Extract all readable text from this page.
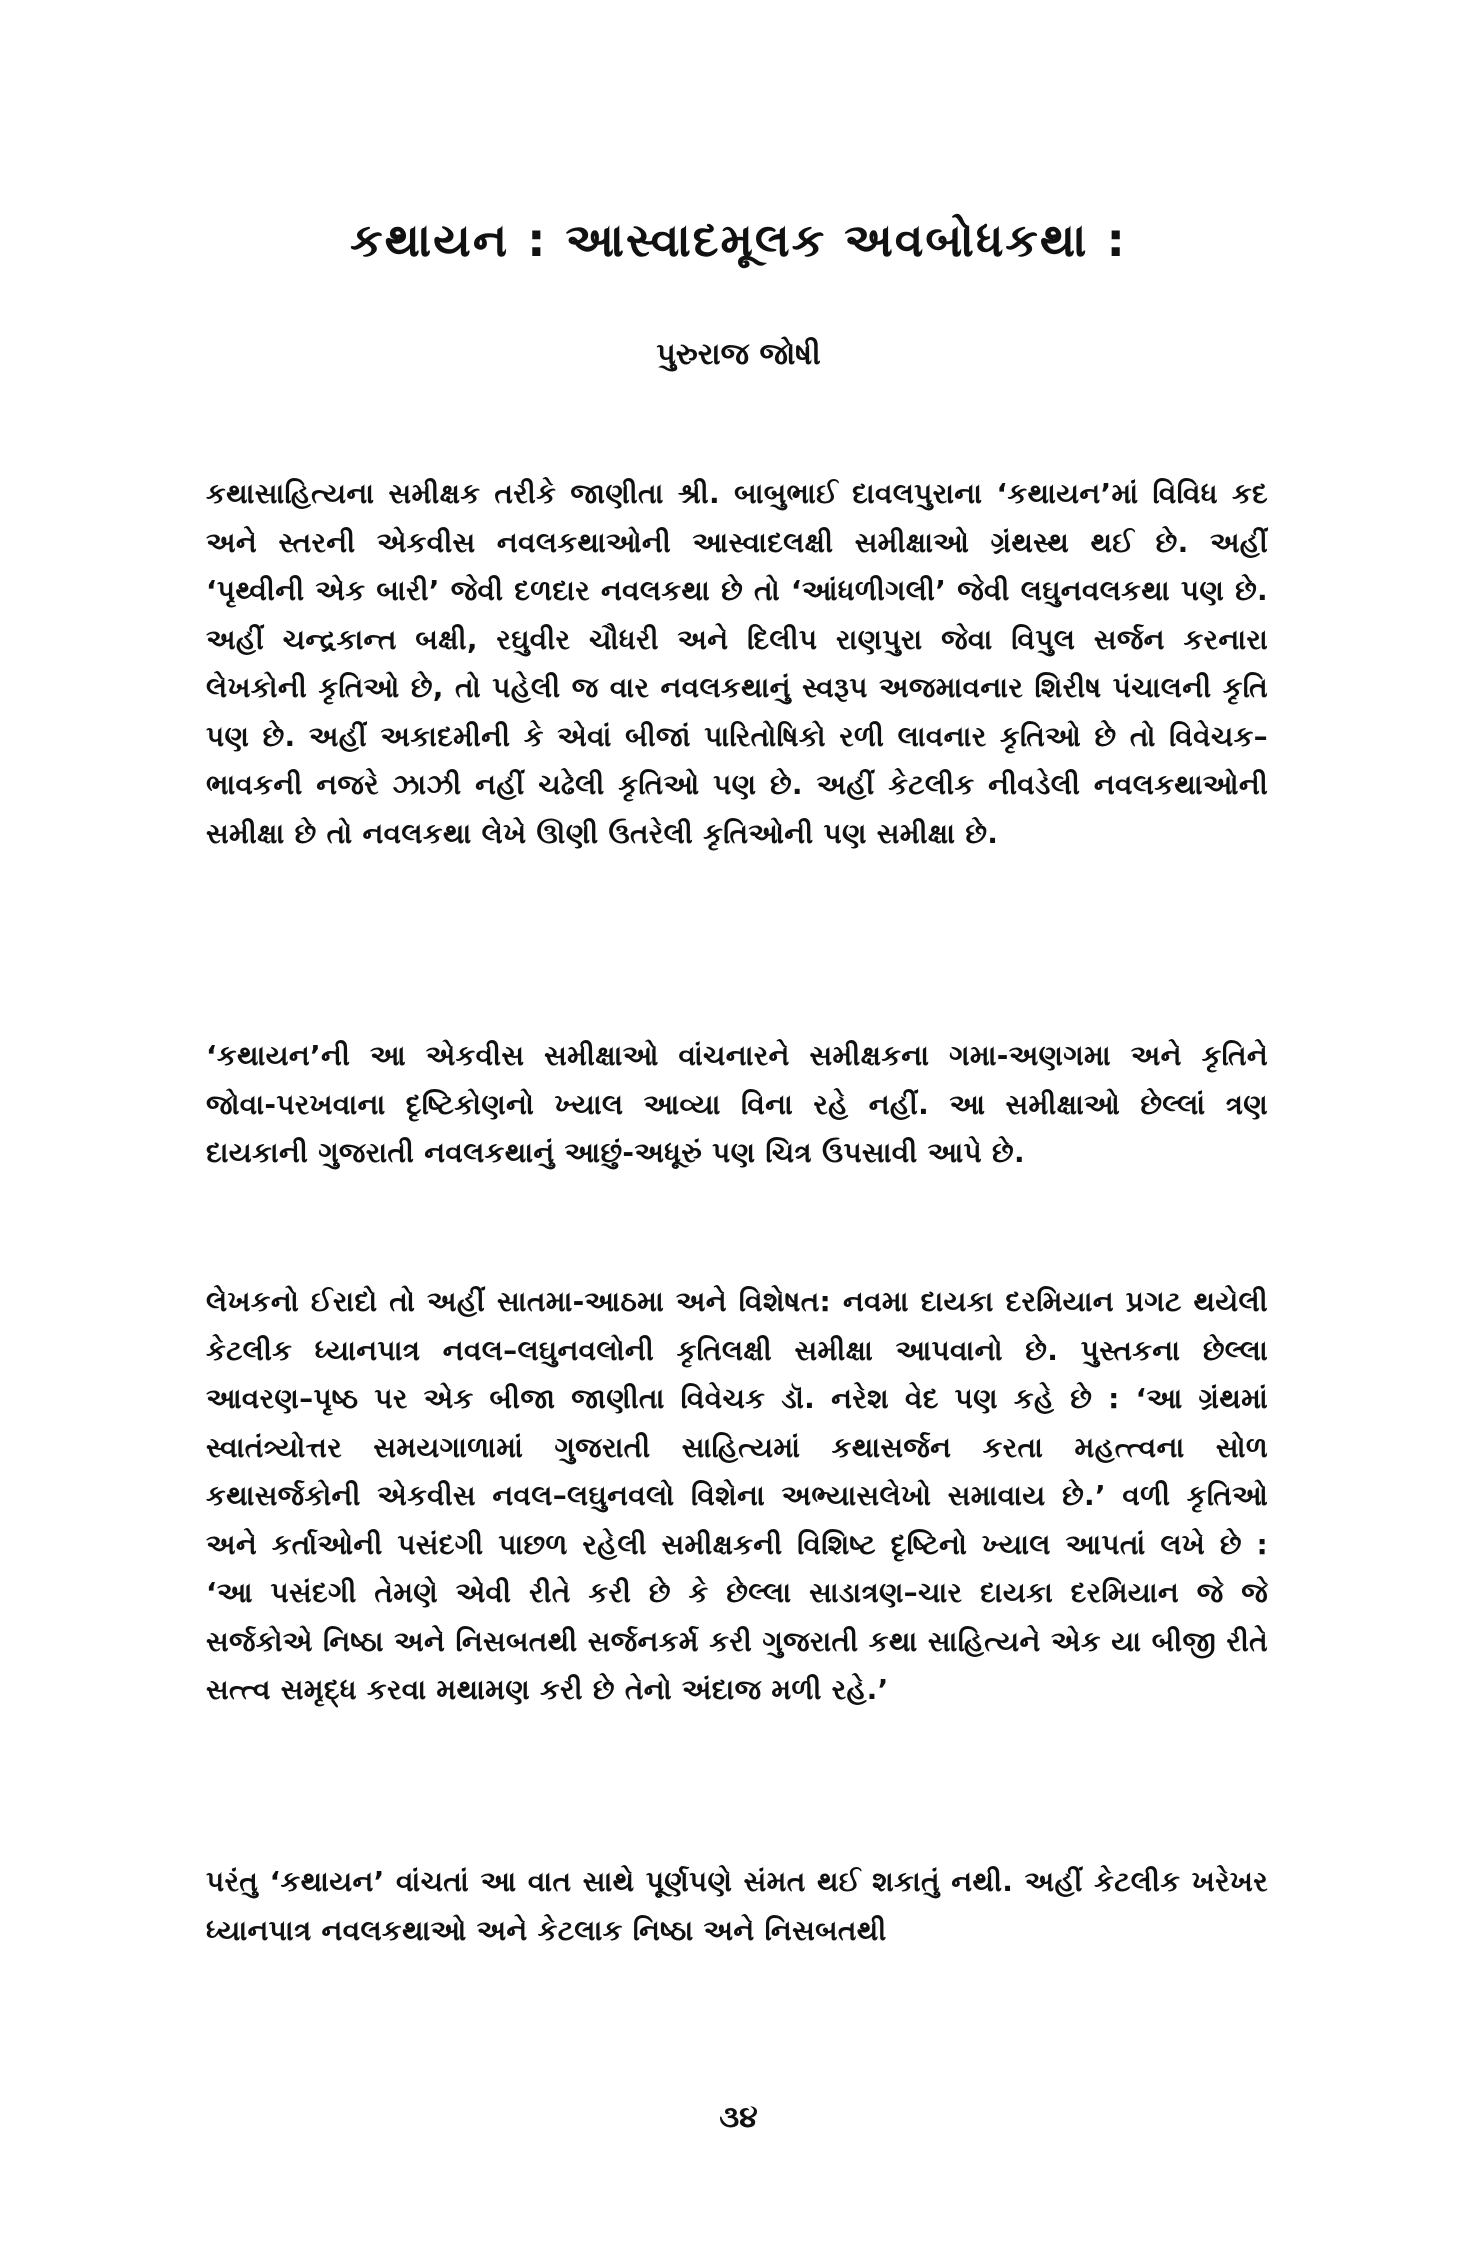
કથાયન : આસ્વાદમૂલક અવબોધકથા :
પુરુરાજ જોષી

કથાસાહિત્યના સમીક્ષક તરીકે જાણીતા શ્રી. બાબુભાઈ દાવલપુરાના ‘કથાયન’માં વિવિધ કદ અને સ્તરની એકવીસ નવલકથાઓની આસ્વાદલક્ષી સમીક્ષાઓ ગ્રંથસ્થ થઈ છે. અહીં ‘પૃથ્વીની એક બારી’ જેવી દળદાર નવલકથા છે તો ‘આંધળીગલી’ જેવી લઘુનવલકથા પણ છે. અહીં ચન્દ્રકાન્ત બક્ષી, રઘુવીર ચૌધરી અને દિલીપ રાણપુરા જેવા વિપુલ સર્જન કરનારા લેખકોની કૃતિઓ છે, તો પહેલી જ વાર નવલકથાનું સ્વરૂપ અજમાવનાર શિરીષ પંચાલની કૃતિ પણ છે. અહીં અકાદમીની કે એવાં બીજાં પારિતોષિકો રળી લાવનાર કૃતિઓ છે તો વિવેચક–ભાવકની નજરે ઝાઝી નહીં ચઢેલી કૃતિઓ પણ છે. અહીં કેટલીક નીવડેલી નવલકથાઓની સમીક્ષા છે તો નવલકથા લેખે ઊણી ઉતરેલી કૃતિઓની પણ સમીક્ષા છે.

‘કથાયન’ની આ એકવીસ સમીક્ષાઓ વાંચનારને સમીક્ષકના ગમા-અણગમા અને કૃતિને જોવા-પરખવાના દૃષ્ટિકોણનો ખ્યાલ આવ્યા વિના રહે નહીં. આ સમીક્ષાઓ છેલ્લાં ત્રણ દાયકાની ગુજરાતી નવલકથાનું આછું-અધૂરું પણ ચિત્ર ઉપસાવી આપે છે.

લેખકનો ઈરાદો તો અહીં સાતમા-આઠમા અને વિશેષત: નવમા દાયકા દરમિયાન પ્રગટ થયેલી કેટલીક ધ્યાનપાત્ર નવલ–લઘુનવલોની કૃતિલક્ષી સમીક્ષા આપવાનો છે. પુસ્તકના છેલ્લા આવરણ–પૃષ્ઠ પર એક બીજા જાણીતા વિવેચક ડૉ. નરેશ વેદ પણ કહે છે : ‘આ ગ્રંથમાં સ્વાતંત્ર્યોત્તર સમયગાળામાં ગુજરાતી સાહિત્યમાં કથાસર્જન કરતા મહત્ત્વના સોળ કથાસર્જકોની એકવીસ નવલ–લઘુનવલો વિશેના અભ્યાસલેખો સમાવાય છે.’ વળી કૃતિઓ અને કર્તાઓની પસંદગી પાછળ રહેલી સમીક્ષકની વિશિષ્ટ દૃષ્ટિનો ખ્યાલ આપતાં લખે છે : ‘આ પસંદગી તેમણે એવી રીતે કરી છે કે છેલ્લા સાડાત્રણ–ચાર દાયકા દરમિયાન જે જે સર્જકોએ નિષ્ઠા અને નિસબતથી સર્જનકર્મ કરી ગુજરાતી કથા સાહિત્યને એક યા બીજી રીતે સત્ત્વ સમૃદ્ધ કરવા મથામણ કરી છે તેનો અંદાજ મળી રહે.’

પરંતુ ‘કથાયન’ વાંચતાં આ વાત સાથે પૂર્ણપણે સંમત થઈ શકાતું નથી. અહીં કેટલીક ખરેખર ધ્યાનપાત્ર નવલકથાઓ અને કેટલાક નિષ્ઠા અને નિસબતથી

૩૪
